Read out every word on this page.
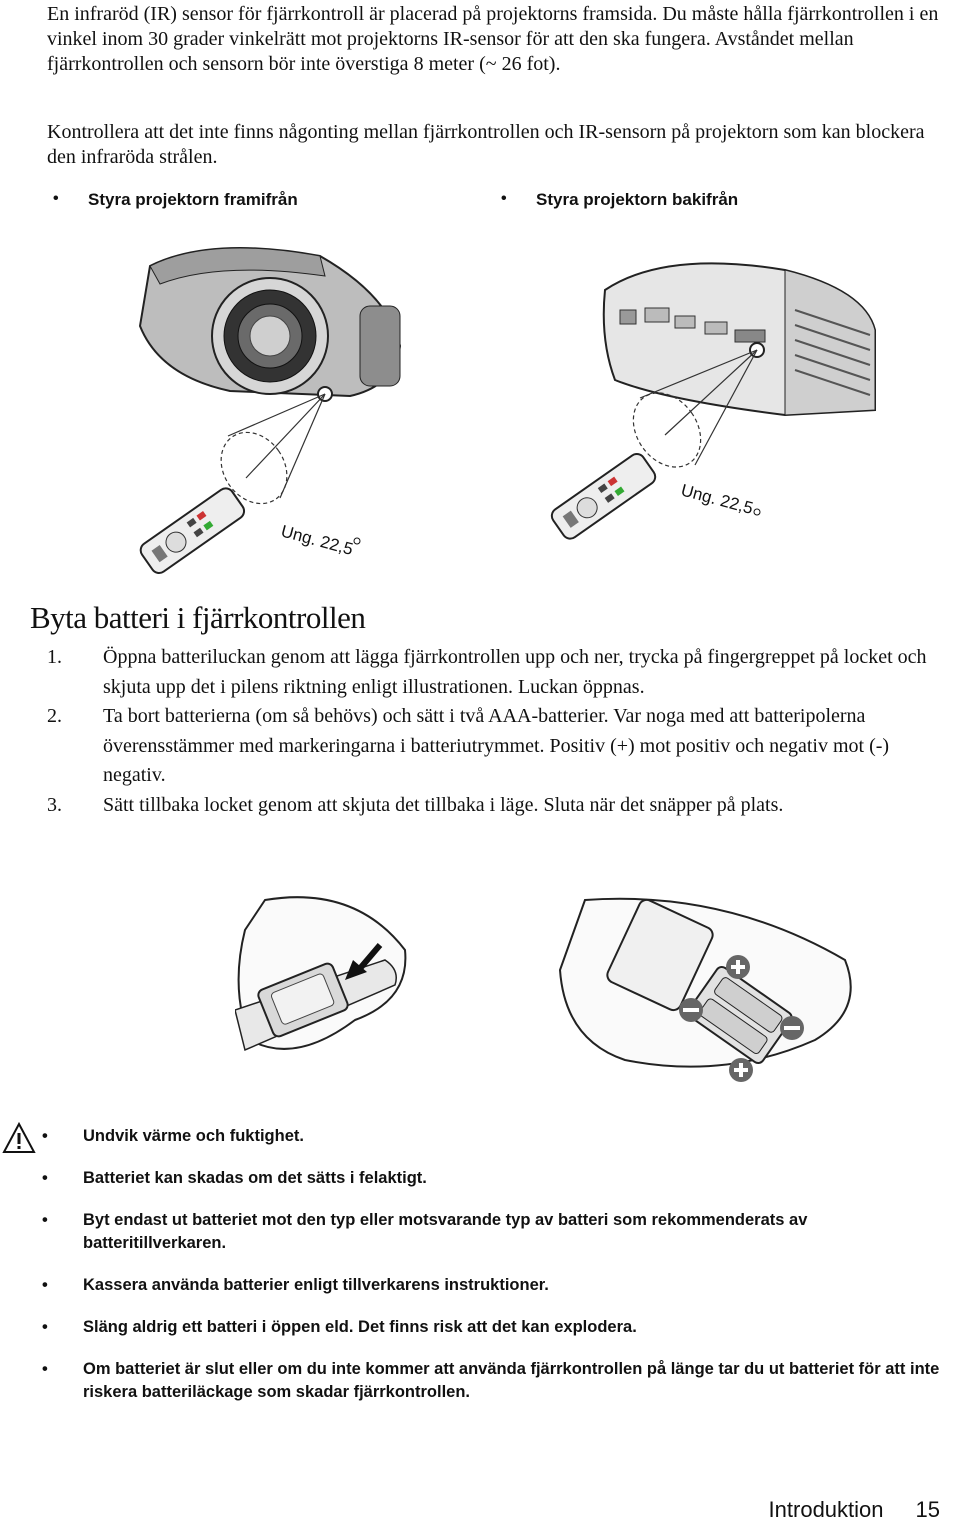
En infraröd (IR) sensor för fjärrkontroll är placerad på projektorns framsida. Du måste hålla fjärrkontrollen i en vinkel inom 30 grader vinkelrätt mot projektorns IR-sensor för att den ska fungera. Avståndet mellan fjärrkontrollen och sensorn bör inte överstiga 8 meter (~ 26 fot).

Kontrollera att det inte finns någonting mellan fjärrkontrollen och IR-sensorn på projektorn som kan blockera den infraröda strålen.

• Styra projektorn framifrån	• Styra projektorn bakifrån
Ung. 22,5
Ung. 22,5
Byta batteri i fjärrkontrollen
1. Öppna batteriluckan genom att lägga fjärrkontrollen upp och ner, trycka på fingergreppet på locket och skjuta upp det i pilens riktning enligt illustrationen. Luckan öppnas.
2. Ta bort batterierna (om så behövs) och sätt i två AAA-batterier. Var noga med att batteripolerna överensstämmer med markeringarna i batteriutrymmet. Positiv (+) mot positiv och negativ mot (-) negativ.
3. Sätt tillbaka locket genom att skjuta det tillbaka i läge. Sluta när det snäpper på plats.
• Undvik värme och fuktighet.
• Batteriet kan skadas om det sätts i felaktigt.
• Byt endast ut batteriet mot den typ eller motsvarande typ av batteri som rekommenderats av batteritillverkaren.
• Kassera använda batterier enligt tillverkarens instruktioner.
• Släng aldrig ett batteri i öppen eld. Det finns risk att det kan explodera.
• Om batteriet är slut eller om du inte kommer att använda fjärrkontrollen på länge tar du ut batteriet för att inte riskera batteriläckage som skadar fjärrkontrollen.
Introduktion 15
